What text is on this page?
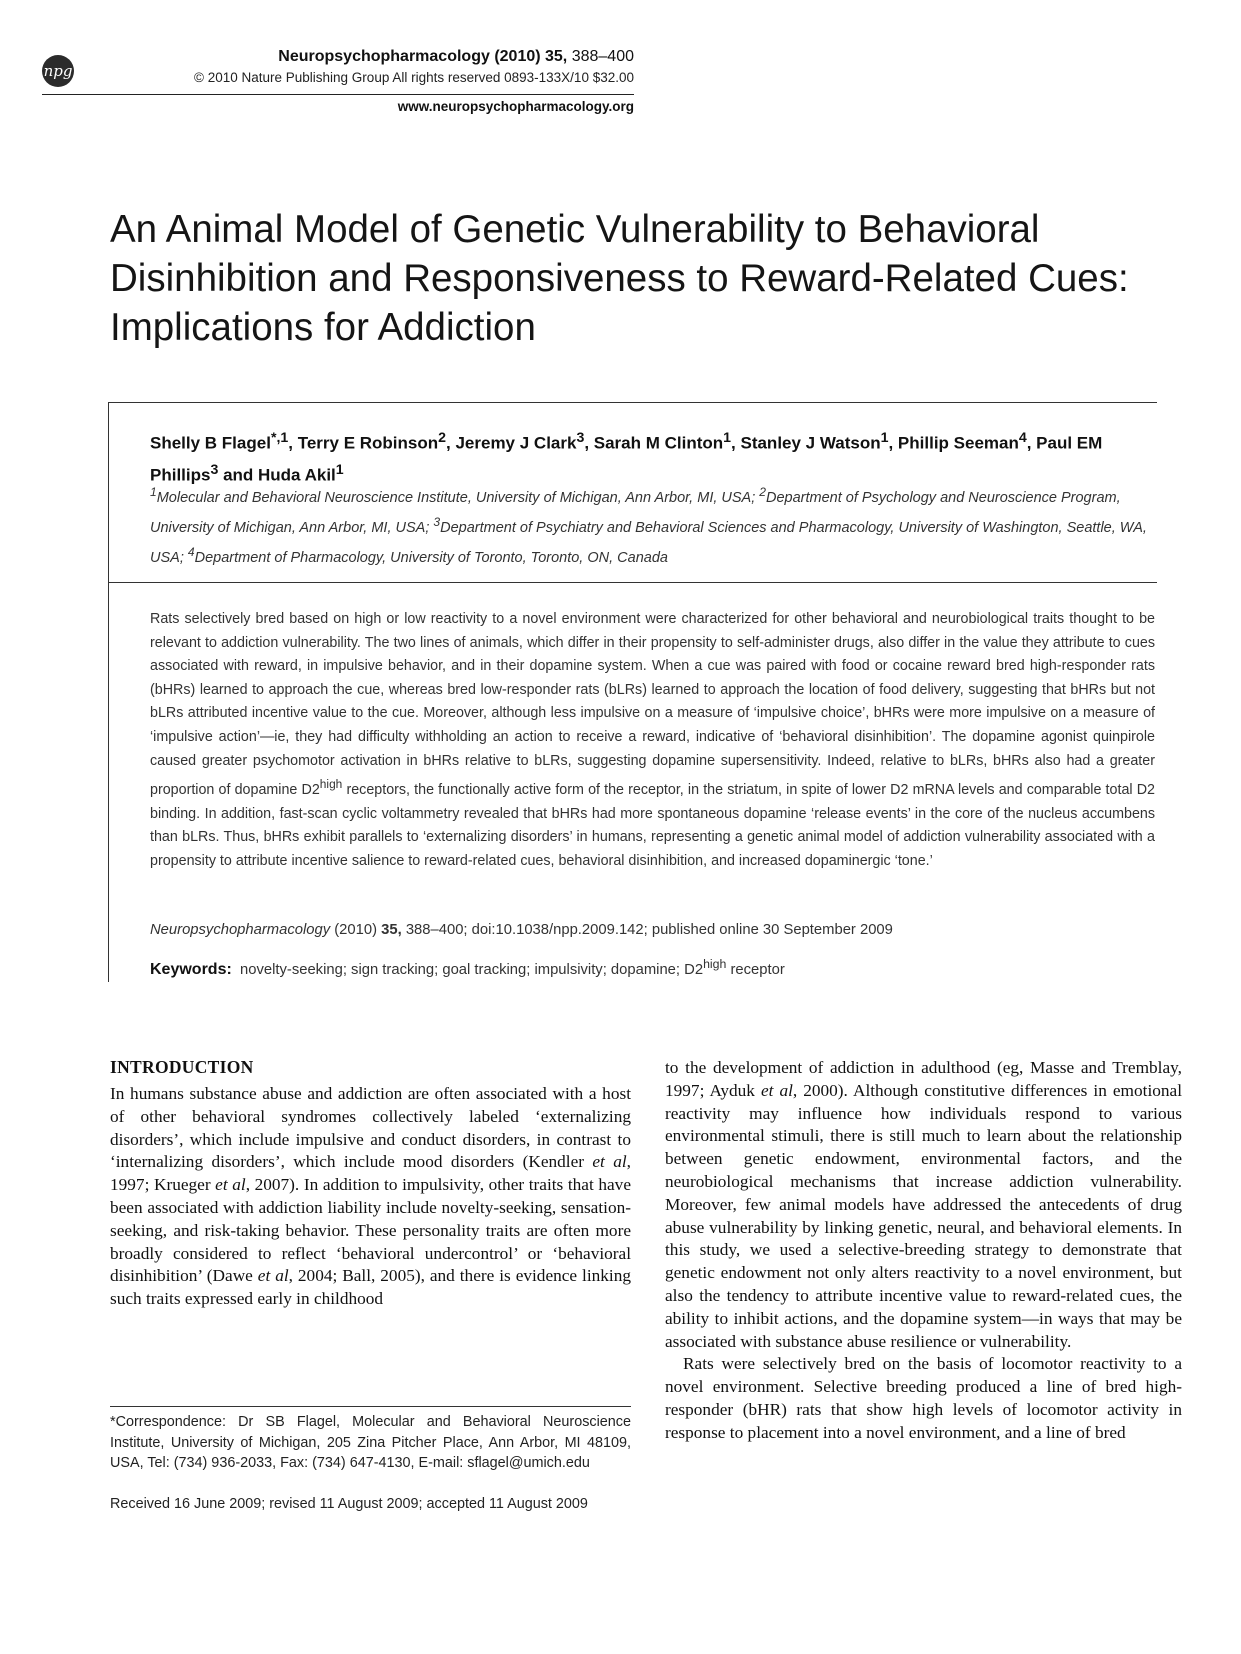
npg
Neuropsychopharmacology (2010) 35, 388–400
© 2010 Nature Publishing Group All rights reserved 0893-133X/10 $32.00
www.neuropsychopharmacology.org
An Animal Model of Genetic Vulnerability to Behavioral Disinhibition and Responsiveness to Reward-Related Cues: Implications for Addiction

Shelly B Flagel$^{*,1}$, Terry E Robinson$^2$, Jeremy J Clark$^3$, Sarah M Clinton$^1$, Stanley J Watson$^1$, Phillip Seeman$^4$, Paul EM Phillips$^3$ and Huda Akil$^1$

$^1$Molecular and Behavioral Neuroscience Institute, University of Michigan, Ann Arbor, MI, USA; $^2$Department of Psychology and Neuroscience Program, University of Michigan, Ann Arbor, MI, USA; $^3$Department of Psychiatry and Behavioral Sciences and Pharmacology, University of Washington, Seattle, WA, USA; $^4$Department of Pharmacology, University of Toronto, Toronto, ON, Canada

Rats selectively bred based on high or low reactivity to a novel environment were characterized for other behavioral and neurobiological traits thought to be relevant to addiction vulnerability. The two lines of animals, which differ in their propensity to self-administer drugs, also differ in the value they attribute to cues associated with reward, in impulsive behavior, and in their dopamine system. When a cue was paired with food or cocaine reward bred high-responder rats (bHRs) learned to approach the cue, whereas bred low-responder rats (bLRs) learned to approach the location of food delivery, suggesting that bHRs but not bLRs attributed incentive value to the cue. Moreover, although less impulsive on a measure of ‘impulsive choice’, bHRs were more impulsive on a measure of ‘impulsive action’—ie, they had difficulty withholding an action to receive a reward, indicative of ‘behavioral disinhibition’. The dopamine agonist quinpirole caused greater psychomotor activation in bHRs relative to bLRs, suggesting dopamine supersensitivity. Indeed, relative to bLRs, bHRs also had a greater proportion of dopamine $D2^{high}$ receptors, the functionally active form of the receptor, in the striatum, in spite of lower D2 mRNA levels and comparable total D2 binding. In addition, fast-scan cyclic voltammetry revealed that bHRs had more spontaneous dopamine ‘release events’ in the core of the nucleus accumbens than bLRs. Thus, bHRs exhibit parallels to ‘externalizing disorders’ in humans, representing a genetic animal model of addiction vulnerability associated with a propensity to attribute incentive salience to reward-related cues, behavioral disinhibition, and increased dopaminergic ‘tone.’

Neuropsychopharmacology (2010) 35, 388–400; doi:10.1038/npp.2009.142; published online 30 September 2009

Keywords:  novelty-seeking; sign tracking; goal tracking; impulsivity; dopamine; $D2^{high}$ receptor

INTRODUCTION

In humans substance abuse and addiction are often associated with a host of other behavioral syndromes collectively labeled ‘externalizing disorders’, which include impulsive and conduct disorders, in contrast to ‘internalizing disorders’, which include mood disorders (Kendler et al, 1997; Krueger et al, 2007). In addition to impulsivity, other traits that have been associated with addiction liability include novelty-seeking, sensation-seeking, and risk-taking behavior. These personality traits are often more broadly considered to reflect ‘behavioral undercontrol’ or ‘behavioral disinhibition’ (Dawe et al, 2004; Ball, 2005), and there is evidence linking such traits expressed early in childhood

to the development of addiction in adulthood (eg, Masse and Tremblay, 1997; Ayduk et al, 2000). Although constitutive differences in emotional reactivity may influence how individuals respond to various environmental stimuli, there is still much to learn about the relationship between genetic endowment, environmental factors, and the neurobiological mechanisms that increase addiction vulnerability. Moreover, few animal models have addressed the antecedents of drug abuse vulnerability by linking genetic, neural, and behavioral elements. In this study, we used a selective-breeding strategy to demonstrate that genetic endowment not only alters reactivity to a novel environment, but also the tendency to attribute incentive value to reward-related cues, the ability to inhibit actions, and the dopamine system—in ways that may be associated with substance abuse resilience or vulnerability.

Rats were selectively bred on the basis of locomotor reactivity to a novel environment. Selective breeding produced a line of bred high-responder (bHR) rats that show high levels of locomotor activity in response to placement into a novel environment, and a line of bred

*Correspondence: Dr SB Flagel, Molecular and Behavioral Neuroscience Institute, University of Michigan, 205 Zina Pitcher Place, Ann Arbor, MI 48109, USA, Tel: (734) 936-2033, Fax: (734) 647-4130, E-mail: sflagel@umich.edu

Received 16 June 2009; revised 11 August 2009; accepted 11 August 2009
